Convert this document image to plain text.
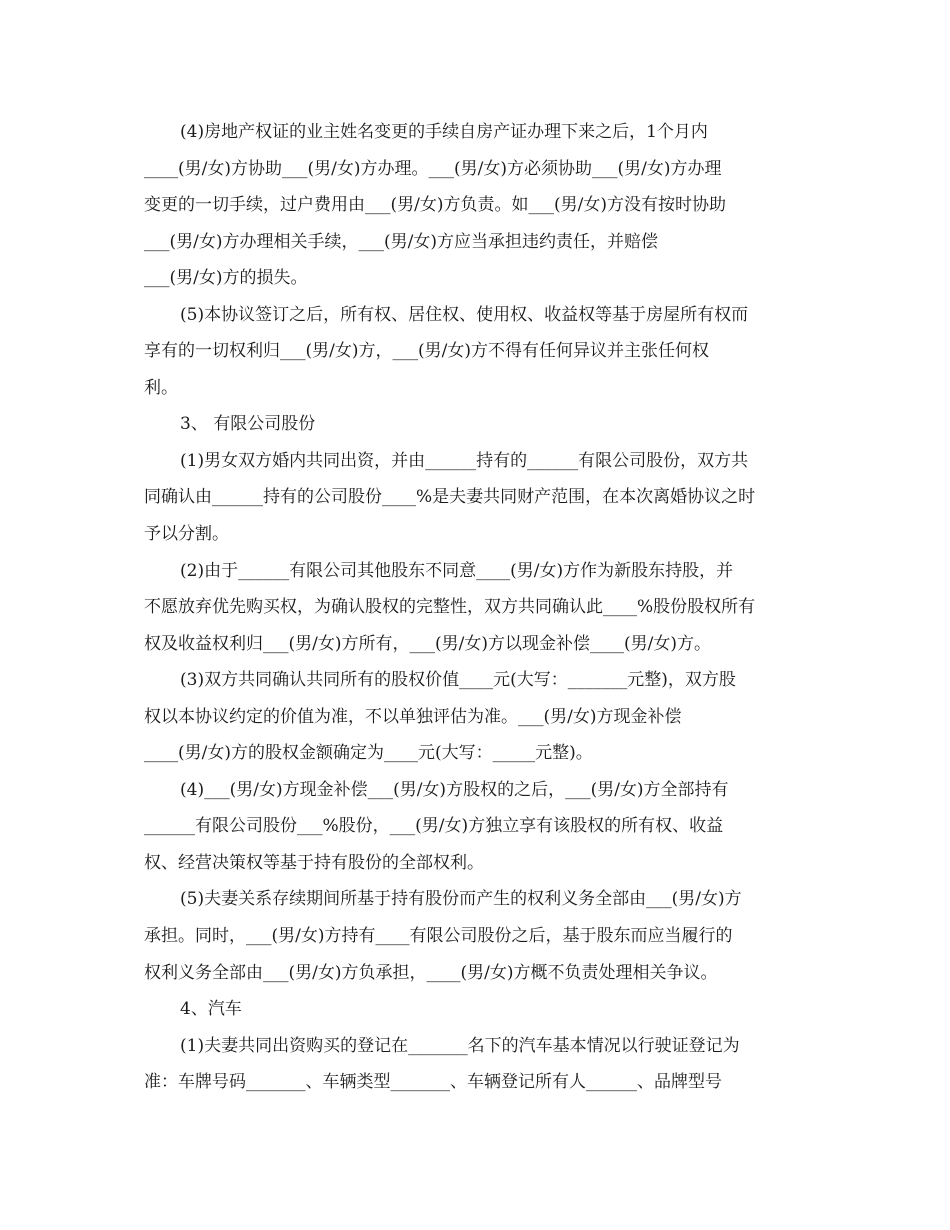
(4)房地产权证的业主姓名变更的手续自房产证办理下来之后，1个月内
____(男/女)方协助___(男/女)方办理。___(男/女)方必须协助___(男/女)方办理
变更的一切手续，过户费用由___(男/女)方负责。如___(男/女)方没有按时协助
___(男/女)方办理相关手续，___(男/女)方应当承担违约责任，并赔偿
___(男/女)方的损失。
(5)本协议签订之后，所有权、居住权、使用权、收益权等基于房屋所有权而
享有的一切权利归___(男/女)方，___(男/女)方不得有任何异议并主张任何权
利。
3、 有限公司股份
(1)男女双方婚内共同出资，并由______持有的______有限公司股份，双方共
同确认由______持有的公司股份____%是夫妻共同财产范围，在本次离婚协议之时
予以分割。
(2)由于______有限公司其他股东不同意____(男/女)方作为新股东持股，并
不愿放弃优先购买权，为确认股权的完整性，双方共同确认此____%股份股权所有
权及收益权利归___(男/女)方所有，___(男/女)方以现金补偿____(男/女)方。
(3)双方共同确认共同所有的股权价值____元(大写：_______元整)，双方股
权以本协议约定的价值为准，不以单独评估为准。___(男/女)方现金补偿
____(男/女)方的股权金额确定为____元(大写：_____元整)。
(4)___(男/女)方现金补偿___(男/女)方股权的之后，___(男/女)方全部持有
______有限公司股份___%股份，___(男/女)方独立享有该股权的所有权、收益
权、经营决策权等基于持有股份的全部权利。
(5)夫妻关系存续期间所基于持有股份而产生的权利义务全部由___(男/女)方
承担。同时，___(男/女)方持有____有限公司股份之后，基于股东而应当履行的
权利义务全部由___(男/女)方负承担，____(男/女)方概不负责处理相关争议。
4、汽车
(1)夫妻共同出资购买的登记在_______名下的汽车基本情况以行驶证登记为
准：车牌号码_______、车辆类型_______、车辆登记所有人______、品牌型号
